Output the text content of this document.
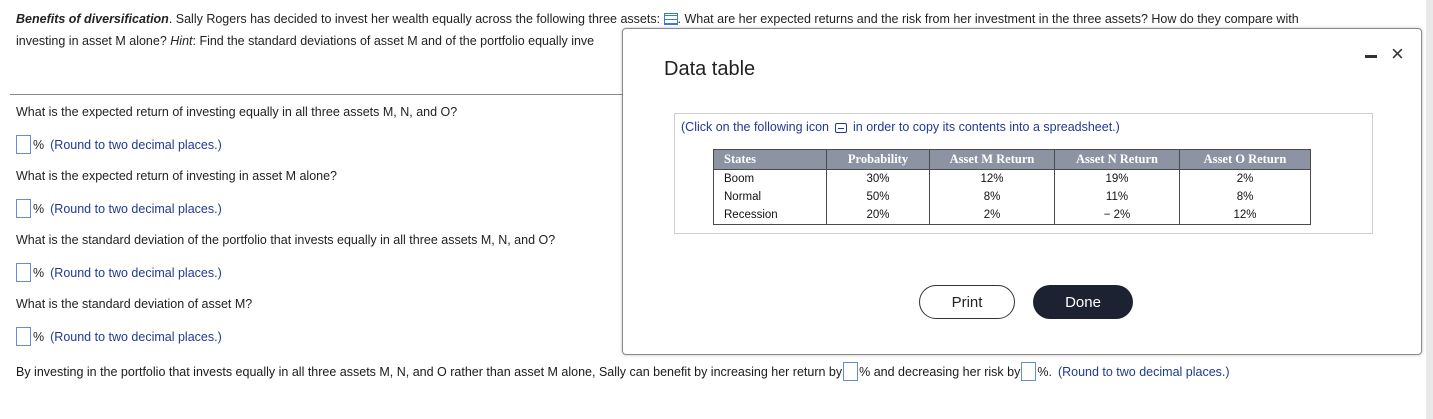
Benefits of diversification. Sally Rogers has decided to invest her wealth equally across the following three assets: . What are her expected returns and the risk from her investment in the three assets? How do they compare with
investing in asset M alone? Hint: Find the standard deviations of asset M and of the portfolio equally inve
What is the expected return of investing equally in all three assets M, N, and O?
% (Round to two decimal places.)
What is the expected return of investing in asset M alone?
% (Round to two decimal places.)
What is the standard deviation of the portfolio that invests equally in all three assets M, N, and O?
% (Round to two decimal places.)
What is the standard deviation of asset M?
% (Round to two decimal places.)
By investing in the portfolio that invests equally in all three assets M, N, and O rather than asset M alone, Sally can benefit by increasing her return by % and decreasing her risk by %. (Round to two decimal places.)
Data table
×
(Click on the following icon in order to copy its contents into a spreadsheet.)
States	Probability	Asset M Return	Asset N Return	Asset O Return
Boom	30%	12%	19%	2%
Normal	50%	8%	11%	8%
Recession	20%	2%	− 2%	12%
Print	Done
